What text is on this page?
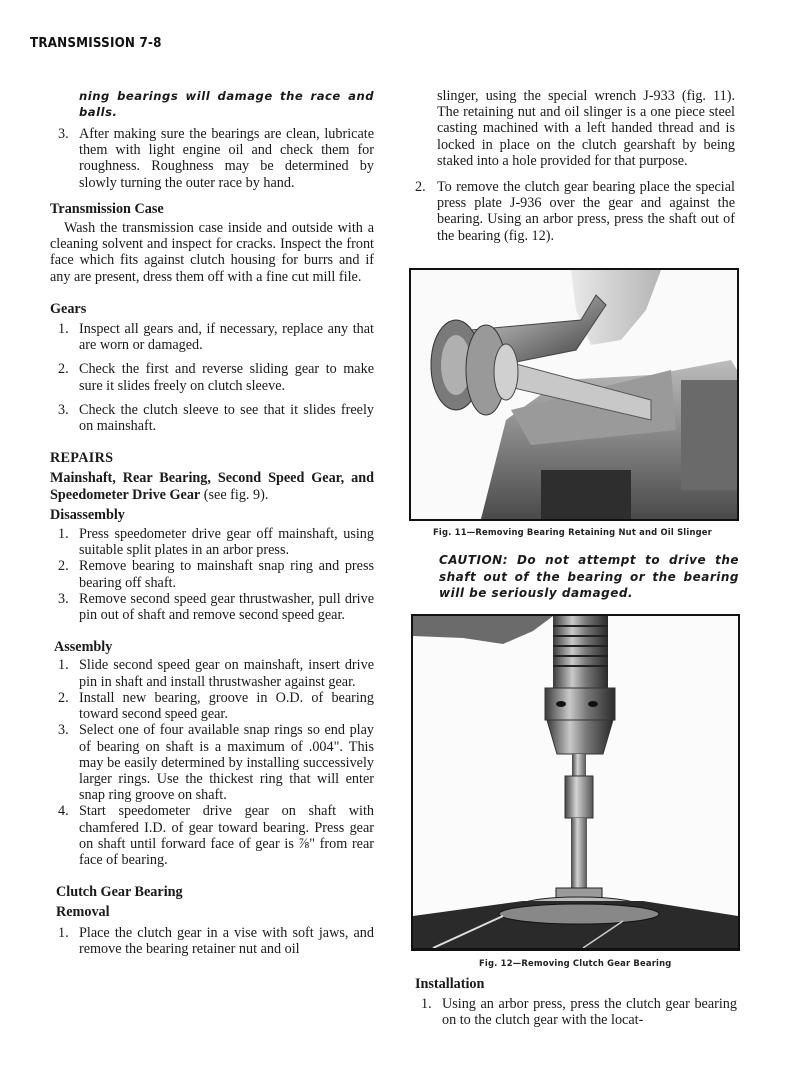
TRANSMISSION 7-8

ning bearings will damage the race and balls.

3. After making sure the bearings are clean, lubricate them with light engine oil and check them for roughness. Roughness may be determined by slowly turning the outer race by hand.

Transmission Case

Wash the transmission case inside and outside with a cleaning solvent and inspect for cracks. Inspect the front face which fits against clutch housing for burrs and if any are present, dress them off with a fine cut mill file.

Gears

1. Inspect all gears and, if necessary, replace any that are worn or damaged.
2. Check the first and reverse sliding gear to make sure it slides freely on clutch sleeve.
3. Check the clutch sleeve to see that it slides freely on mainshaft.

REPAIRS

Mainshaft, Rear Bearing, Second Speed Gear, and Speedometer Drive Gear (see fig. 9).

Disassembly

1. Press speedometer drive gear off mainshaft, using suitable split plates in an arbor press.
2. Remove bearing to mainshaft snap ring and press bearing off shaft.
3. Remove second speed gear thrustwasher, pull drive pin out of shaft and remove second speed gear.

Assembly

1. Slide second speed gear on mainshaft, insert drive pin in shaft and install thrustwasher against gear.
2. Install new bearing, groove in O.D. of bearing toward second speed gear.
3. Select one of four available snap rings so end play of bearing on shaft is a maximum of .004". This may be easily determined by installing successively larger rings. Use the thickest ring that will enter snap ring groove on shaft.
4. Start speedometer drive gear on shaft with chamfered I.D. of gear toward bearing. Press gear on shaft until forward face of gear is ⅞" from rear face of bearing.

Clutch Gear Bearing

Removal

1. Place the clutch gear in a vise with soft jaws, and remove the bearing retainer nut and oil

slinger, using the special wrench J-933 (fig. 11). The retaining nut and oil slinger is a one piece steel casting machined with a left handed thread and is locked in place on the clutch gearshaft by being staked into a hole provided for that purpose.

2. To remove the clutch gear bearing place the special press plate J-936 over the gear and against the bearing. Using an arbor press, press the shaft out of the bearing (fig. 12).
Fig. 11—Removing Bearing Retaining Nut and Oil Slinger

CAUTION: Do not attempt to drive the shaft out of the bearing or the bearing will be seriously damaged.

Fig. 12—Removing Clutch Gear Bearing

Installation

1. Using an arbor press, press the clutch gear bearing on to the clutch gear with the locat-
